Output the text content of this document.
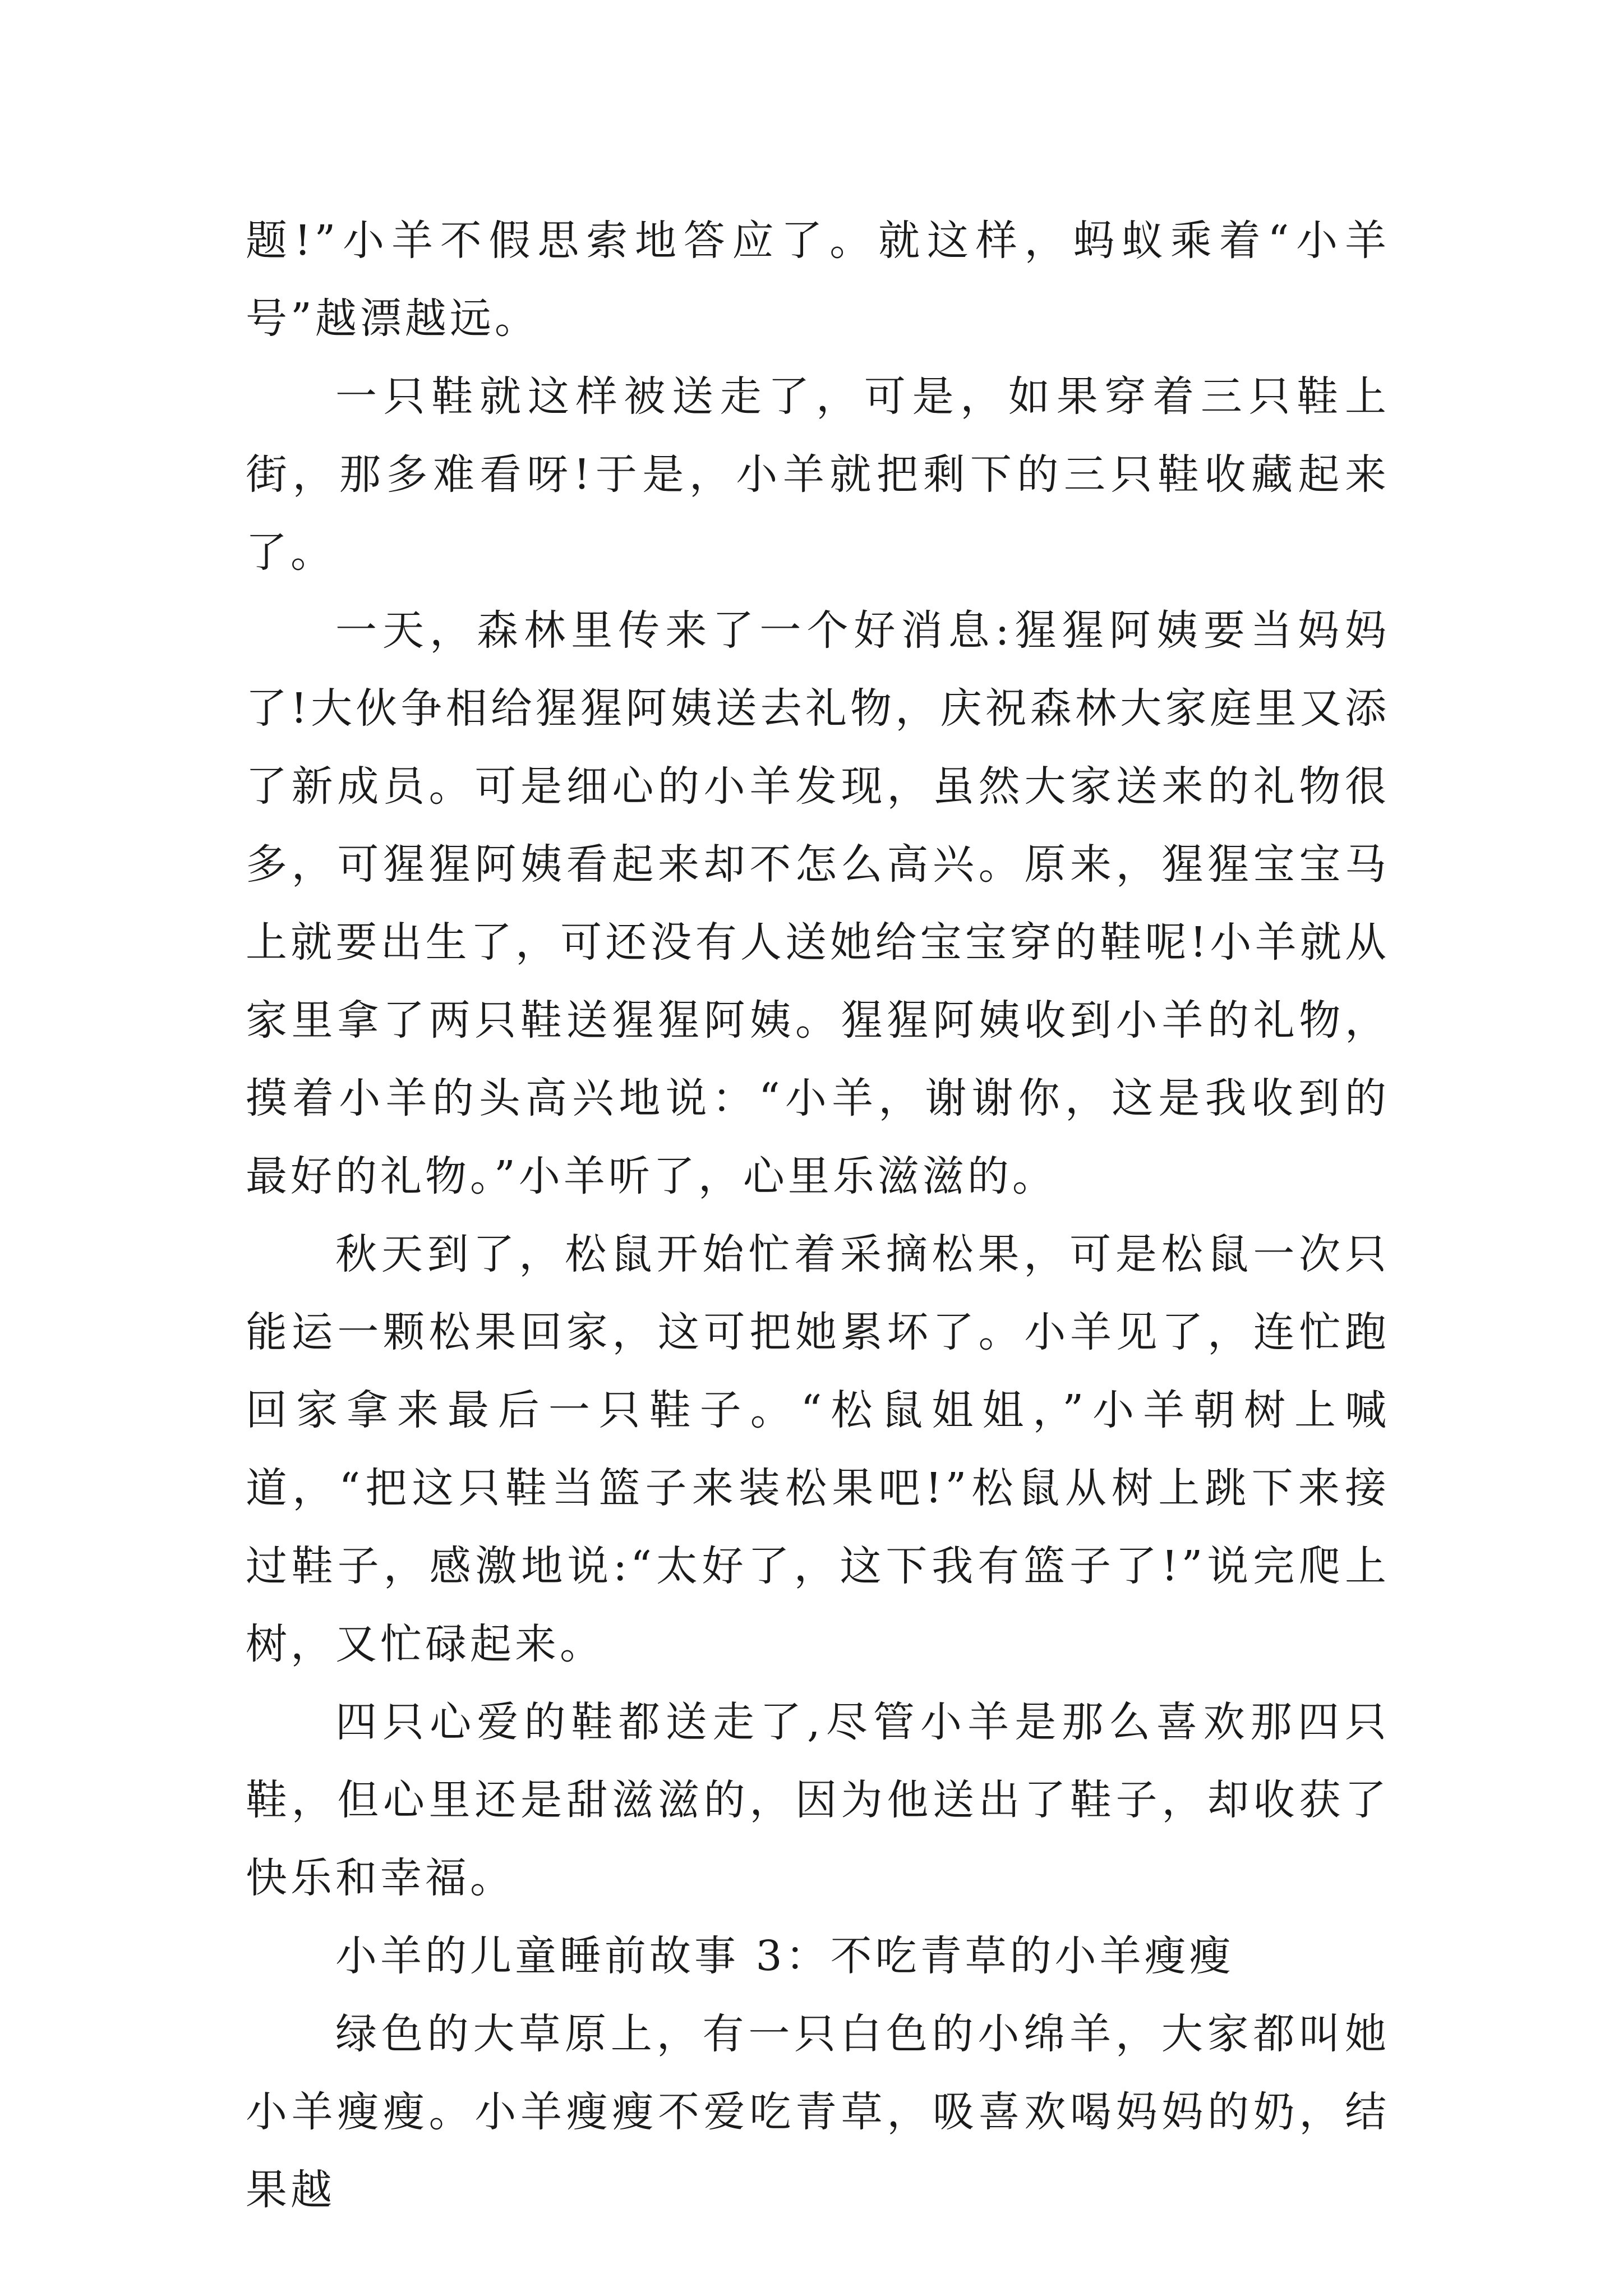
题!”小羊不假思索地答应了。就这样，蚂蚁乘着“小羊号”越漂越远。

一只鞋就这样被送走了，可是，如果穿着三只鞋上街，那多难看呀!于是，小羊就把剩下的三只鞋收藏起来了。

一天，森林里传来了一个好消息:猩猩阿姨要当妈妈了!大伙争相给猩猩阿姨送去礼物，庆祝森林大家庭里又添了新成员。可是细心的小羊发现，虽然大家送来的礼物很多，可猩猩阿姨看起来却不怎么高兴。原来，猩猩宝宝马上就要出生了，可还没有人送她给宝宝穿的鞋呢!小羊就从家里拿了两只鞋送猩猩阿姨。猩猩阿姨收到小羊的礼物，摸着小羊的头高兴地说：“小羊，谢谢你，这是我收到的最好的礼物。”小羊听了，心里乐滋滋的。

秋天到了，松鼠开始忙着采摘松果，可是松鼠一次只能运一颗松果回家，这可把她累坏了。小羊见了，连忙跑回家拿来最后一只鞋子。“松鼠姐姐，”小羊朝树上喊道，“把这只鞋当篮子来装松果吧!”松鼠从树上跳下来接过鞋子，感激地说:“太好了，这下我有篮子了!”说完爬上树，又忙碌起来。

四只心爱的鞋都送走了,尽管小羊是那么喜欢那四只鞋，但心里还是甜滋滋的，因为他送出了鞋子，却收获了快乐和幸福。

小羊的儿童睡前故事 3：不吃青草的小羊瘦瘦

绿色的大草原上，有一只白色的小绵羊，大家都叫她小羊瘦瘦。小羊瘦瘦不爱吃青草，吸喜欢喝妈妈的奶，结果越
